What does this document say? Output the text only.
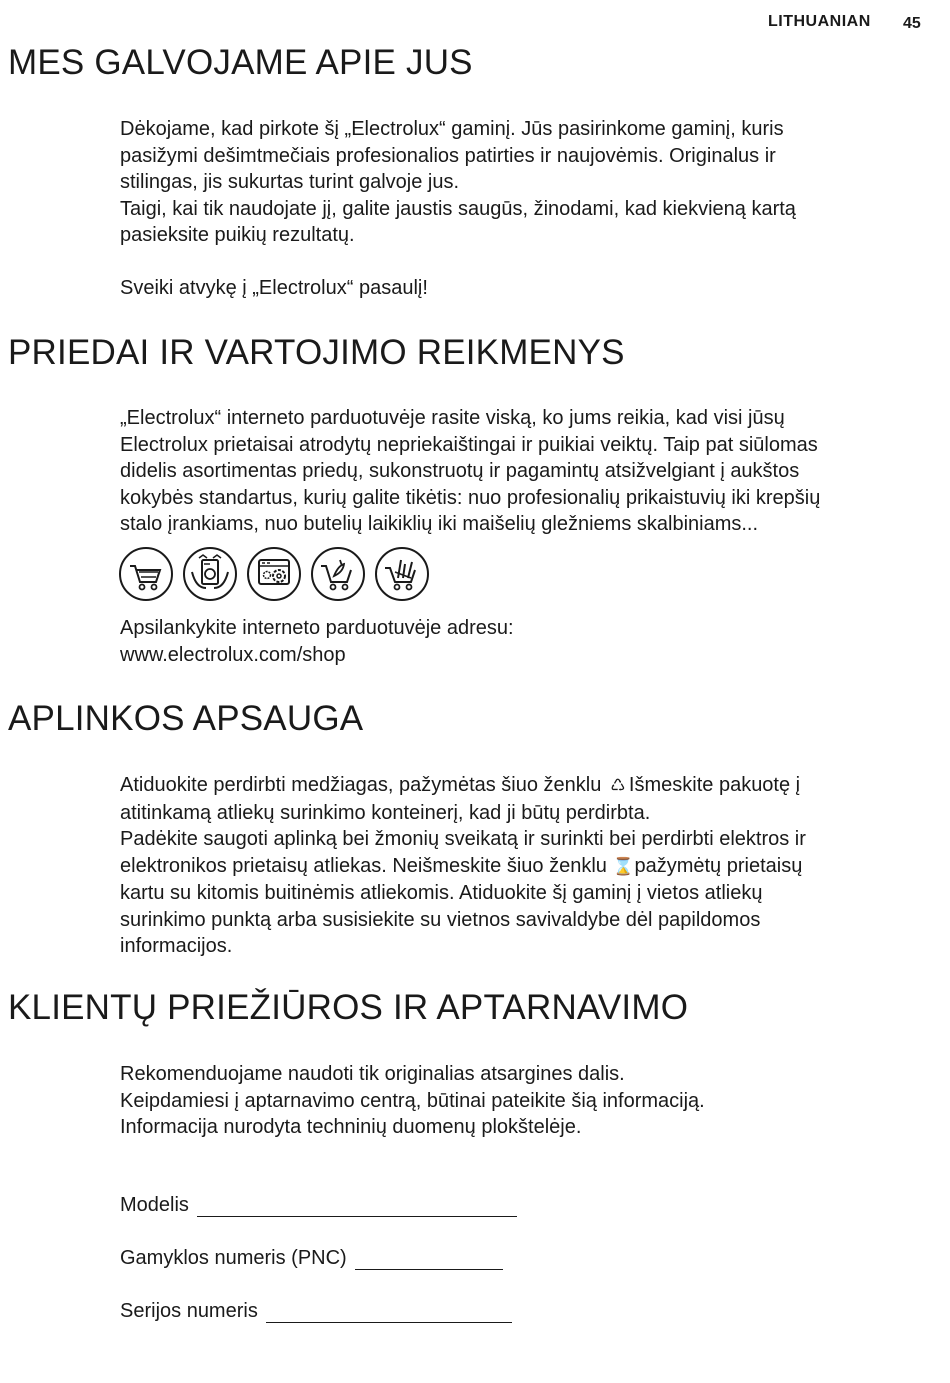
LITHUANIAN 45
MES GALVOJAME APIE JUS

Dėkojame, kad pirkote šį „Electrolux“ gaminį. Jūs pasirinkome gaminį, kuris

pasižymi dešimtmečiais profesionalios patirties ir naujovėmis. Originalus ir

stilingas, jis sukurtas turint galvoje jus.

Taigi, kai tik naudojate jį, galite jaustis saugūs, žinodami, kad kiekvieną kartą

pasieksite puikių rezultatų.

Sveiki atvykę į „Electrolux“ pasaulį!

PRIEDAI IR VARTOJIMO REIKMENYS

„Electrolux“ interneto parduotuvėje rasite viską, ko jums reikia, kad visi jūsų

Electrolux prietaisai atrodytų nepriekaištingai ir puikiai veiktų. Taip pat siūlomas

didelis asortimentas priedų, sukonstruotų ir pagamintų atsižvelgiant į aukštos

kokybės standartus, kurių galite tikėtis: nuo profesionalių prikaistuvių iki krepšių

stalo įrankiams, nuo butelių laikiklių iki maišelių gležniems skalbiniams...

Apsilankykite interneto parduotuvėje adresu:

www.electrolux.com/shop

APLINKOS APSAUGA

Atiduokite perdirbti medžiagas, pažymėtas šiuo ženklu ♺ Išmeskite pakuotę į

atitinkamą atliekų surinkimo konteinerį, kad ji būtų perdirbta.

Padėkite saugoti aplinką bei žmonių sveikatą ir surinkti bei perdirbti elektros ir

elektronikos prietaisų atliekas. Neišmeskite šiuo ženklu ⌛pažymėtų prietaisų

kartu su kitomis buitinėmis atliekomis. Atiduokite šį gaminį į vietos atliekų

surinkimo punktą arba susisiekite su vietnos savivaldybe dėl papildomos

informacijos.

KLIENTŲ PRIEŽIŪROS IR APTARNAVIMO

Rekomenduojame naudoti tik originalias atsargines dalis.

Keipdamiesi į aptarnavimo centrą, būtinai pateikite šią informaciją.

Informacija nurodyta techninių duomenų plokštelėje.

Modelis
Gamyklos numeris (PNC)
Serijos numeris
